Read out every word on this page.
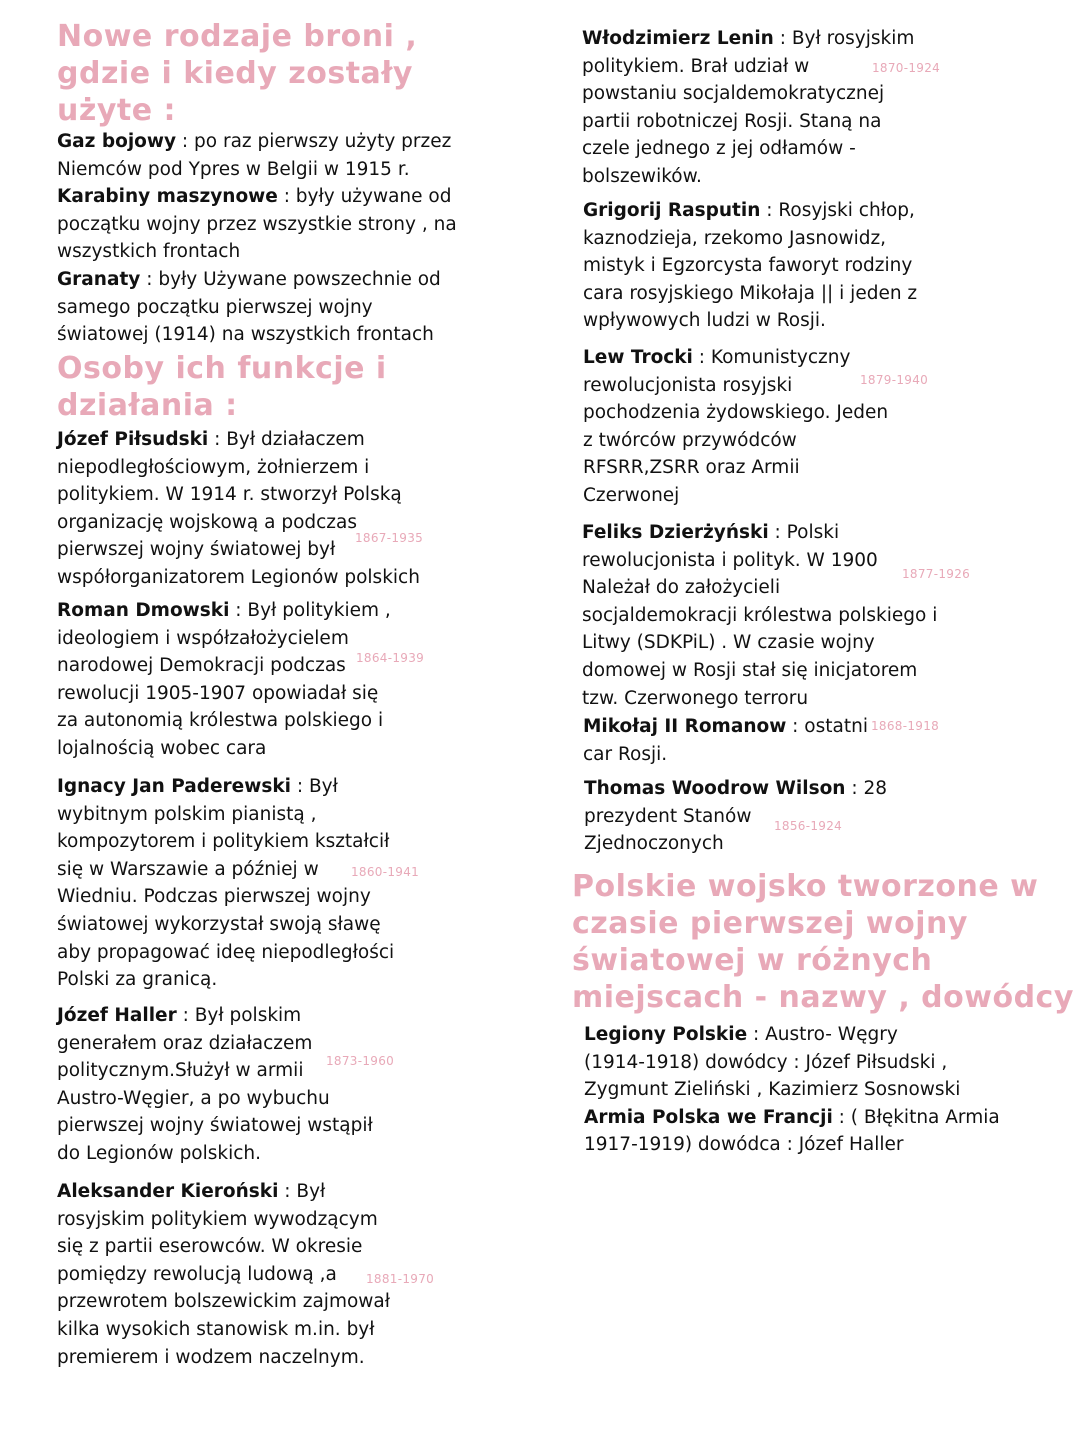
Nowe rodzaje broni ,
gdzie i kiedy zostały
użyte :

Gaz bojowy : po raz pierwszy użyty przez

Niemców pod Ypres w Belgii w 1915 r.

Karabiny maszynowe : były używane od

początku wojny przez wszystkie strony , na

wszystkich frontach

Granaty : były Używane powszechnie od

samego początku pierwszej wojny

światowej (1914) na wszystkich frontach

Osoby ich funkcje i
działania :

Józef Piłsudski : Był działaczem

niepodległościowym, żołnierzem i

politykiem. W 1914 r. stworzył Polską

organizację wojskową a podczas

pierwszej wojny światowej był

współorganizatorem Legionów polskich

1867-1935

Roman Dmowski : Był politykiem ,

ideologiem i współzałożycielem

narodowej Demokracji podczas

rewolucji 1905-1907 opowiadał się

za autonomią królestwa polskiego i

lojalnością wobec cara

1864-1939

Ignacy Jan Paderewski : Był

wybitnym polskim pianistą ,

kompozytorem i politykiem kształcił

się w Warszawie a później w

Wiedniu. Podczas pierwszej wojny

światowej wykorzystał swoją sławę

aby propagować ideę niepodległości

Polski za granicą.

1860-1941

Józef Haller : Był polskim

generałem oraz działaczem

politycznym.Służył w armii

Austro-Węgier, a po wybuchu

pierwszej wojny światowej wstąpił

do Legionów polskich.

1873-1960

Aleksander Kieroński : Był

rosyjskim politykiem wywodzącym

się z partii eserowców. W okresie

pomiędzy rewolucją ludową ,a

przewrotem bolszewickim zajmował

kilka wysokich stanowisk m.in. był

premierem i wodzem naczelnym.

1881-1970

Włodzimierz Lenin : Był rosyjskim

politykiem. Brał udział w

powstaniu socjaldemokratycznej

partii robotniczej Rosji. Staną na

czele jednego z jej odłamów -

bolszewików.

1870-1924

Grigorij Rasputin : Rosyjski chłop,

kaznodzieja, rzekomo Jasnowidz,

mistyk i Egzorcysta faworyt rodziny

cara rosyjskiego Mikołaja || i jeden z

wpływowych ludzi w Rosji.

Lew Trocki : Komunistyczny

rewolucjonista rosyjski

pochodzenia żydowskiego. Jeden

z twórców przywódców

RFSRR,ZSRR oraz Armii

Czerwonej

1879-1940

Feliks Dzierżyński : Polski

rewolucjonista i polityk. W 1900

Należał do założycieli

socjaldemokracji królestwa polskiego i

Litwy (SDKPiL) . W czasie wojny

domowej w Rosji stał się inicjatorem

tzw. Czerwonego terroru

1877-1926

Mikołaj II Romanow : ostatni

car Rosji.

1868-1918

Thomas Woodrow Wilson : 28

prezydent Stanów

Zjednoczonych

1856-1924
Polskie wojsko tworzone w
czasie pierwszej wojny
światowej w różnych
miejscach - nazwy , dowódcy

Legiony Polskie : Austro- Węgry

(1914-1918) dowódcy : Józef Piłsudski ,

Zygmunt Zieliński , Kazimierz Sosnowski

Armia Polska we Francji : ( Błękitna Armia

1917-1919) dowódca : Józef Haller
